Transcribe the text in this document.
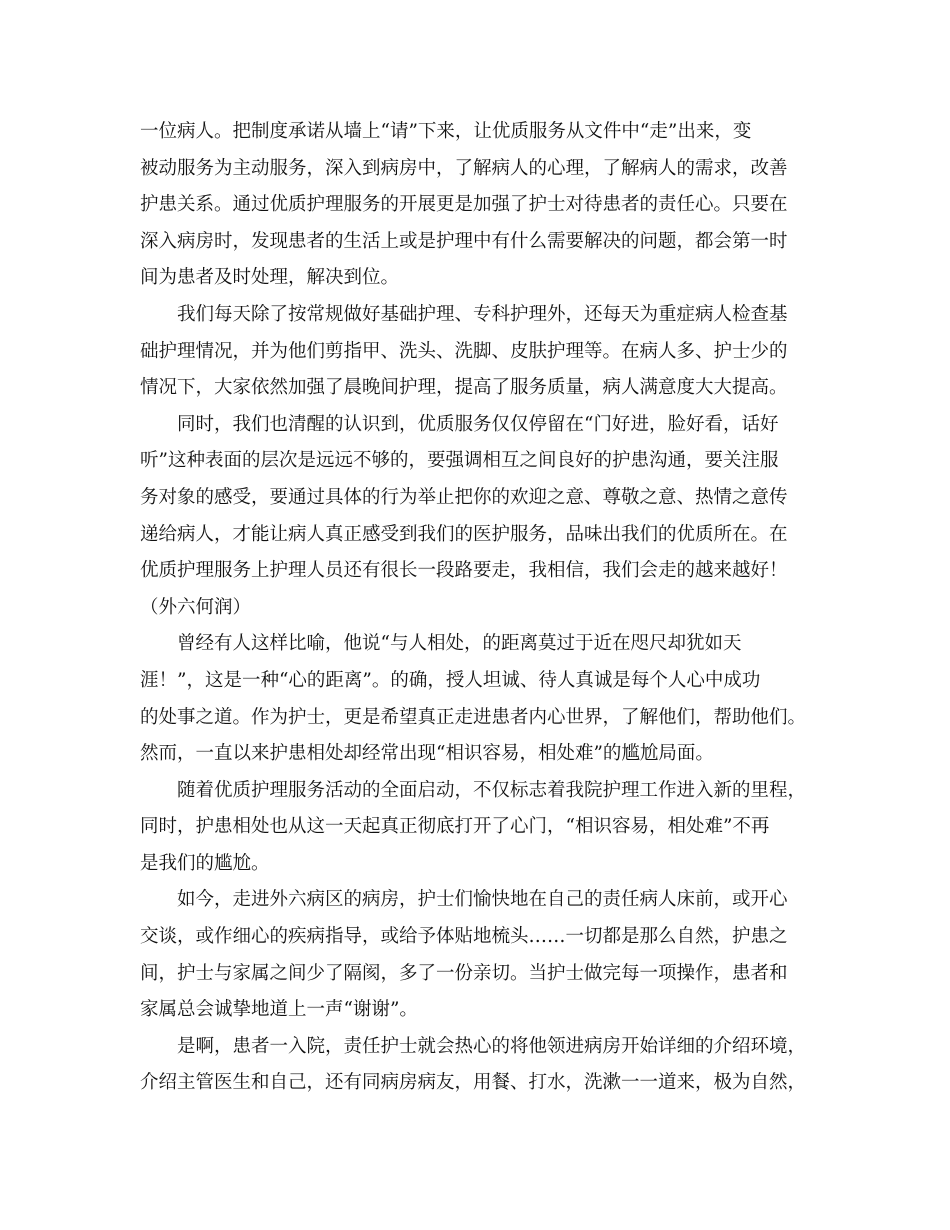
一位病人。把制度承诺从墙上“请”下来，让优质服务从文件中“走”出来，变
被动服务为主动服务，深入到病房中，了解病人的心理，了解病人的需求，改善
护患关系。通过优质护理服务的开展更是加强了护士对待患者的责任心。只要在
深入病房时，发现患者的生活上或是护理中有什么需要解决的问题，都会第一时
间为患者及时处理，解决到位。
我们每天除了按常规做好基础护理、专科护理外，还每天为重症病人检查基
础护理情况，并为他们剪指甲、洗头、洗脚、皮肤护理等。在病人多、护士少的
情况下，大家依然加强了晨晚间护理，提高了服务质量，病人满意度大大提高。
同时，我们也清醒的认识到，优质服务仅仅停留在“门好进，脸好看，话好
听”这种表面的层次是远远不够的，要强调相互之间良好的护患沟通，要关注服
务对象的感受，要通过具体的行为举止把你的欢迎之意、尊敬之意、热情之意传
递给病人，才能让病人真正感受到我们的医护服务，品味出我们的优质所在。在
优质护理服务上护理人员还有很长一段路要走，我相信，我们会走的越来越好！
（外六何润）
曾经有人这样比喻，他说“与人相处，的距离莫过于近在咫尺却犹如天
涯！”，这是一种“心的距离”。的确，授人坦诚、待人真诚是每个人心中成功
的处事之道。作为护士，更是希望真正走进患者内心世界，了解他们，帮助他们。
然而，一直以来护患相处却经常出现“相识容易，相处难”的尴尬局面。
随着优质护理服务活动的全面启动，不仅标志着我院护理工作进入新的里程，
同时，护患相处也从这一天起真正彻底打开了心门，“相识容易，相处难”不再
是我们的尴尬。
如今，走进外六病区的病房，护士们愉快地在自己的责任病人床前，或开心
交谈，或作细心的疾病指导，或给予体贴地梳头……一切都是那么自然，护患之
间，护士与家属之间少了隔阂，多了一份亲切。当护士做完每一项操作，患者和
家属总会诚挚地道上一声“谢谢”。
是啊，患者一入院，责任护士就会热心的将他领进病房开始详细的介绍环境，
介绍主管医生和自己，还有同病房病友，用餐、打水，洗漱一一道来，极为自然，
